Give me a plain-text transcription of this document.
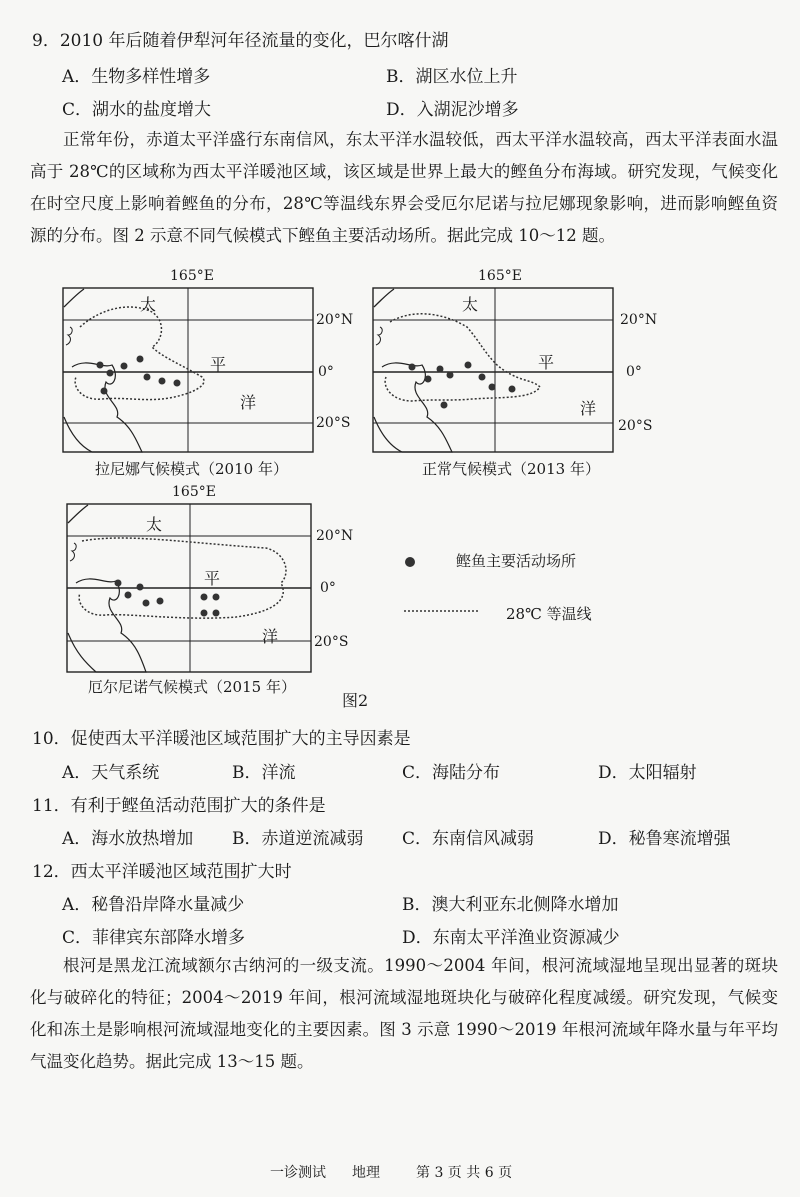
9．2010 年后随着伊犁河年径流量的变化，巴尔喀什湖
A．生物多样性增多	B．湖区水位上升
C．湖水的盐度增大	D．入湖泥沙增多
正常年份，赤道太平洋盛行东南信风，东太平洋水温较低，西太平洋水温较高，西太平洋表面水温高于 28℃的区域称为西太平洋暖池区域，该区域是世界上最大的鲣鱼分布海域。研究发现，气候变化在时空尺度上影响着鲣鱼的分布，28℃等温线东界会受厄尔尼诺与拉尼娜现象影响，进而影响鲣鱼资源的分布。图 2 示意不同气候模式下鲣鱼主要活动场所。据此完成 10～12 题。
165°E
太
平
洋
20°N
0°
20°S
拉尼娜气候模式（2010 年）
165°E
太
平
洋
20°N
0°
20°S
正常气候模式（2013 年）
165°E
太
平
洋
20°N
0°
20°S
厄尔尼诺气候模式（2015 年）
鲣鱼主要活动场所
28℃ 等温线
图2
10．促使西太平洋暖池区域范围扩大的主导因素是
A．天气系统	B．洋流	C．海陆分布	D．太阳辐射
11．有利于鲣鱼活动范围扩大的条件是
A．海水放热增加 B．赤道逆流减弱 C．东南信风减弱	D．秘鲁寒流增强
12．西太平洋暖池区域范围扩大时
A．秘鲁沿岸降水量减少	B．澳大利亚东北侧降水增加
C．菲律宾东部降水增多	D．东南太平洋渔业资源减少
根河是黑龙江流域额尔古纳河的一级支流。1990～2004 年间，根河流域湿地呈现出显著的斑块化与破碎化的特征；2004～2019 年间，根河流域湿地斑块化与破碎化程度减缓。研究发现，气候变化和冻土是影响根河流域湿地变化的主要因素。图 3 示意 1990～2019 年根河流域年降水量与年平均气温变化趋势。据此完成 13～15 题。
一诊测试 地理	第 3 页 共 6 页
